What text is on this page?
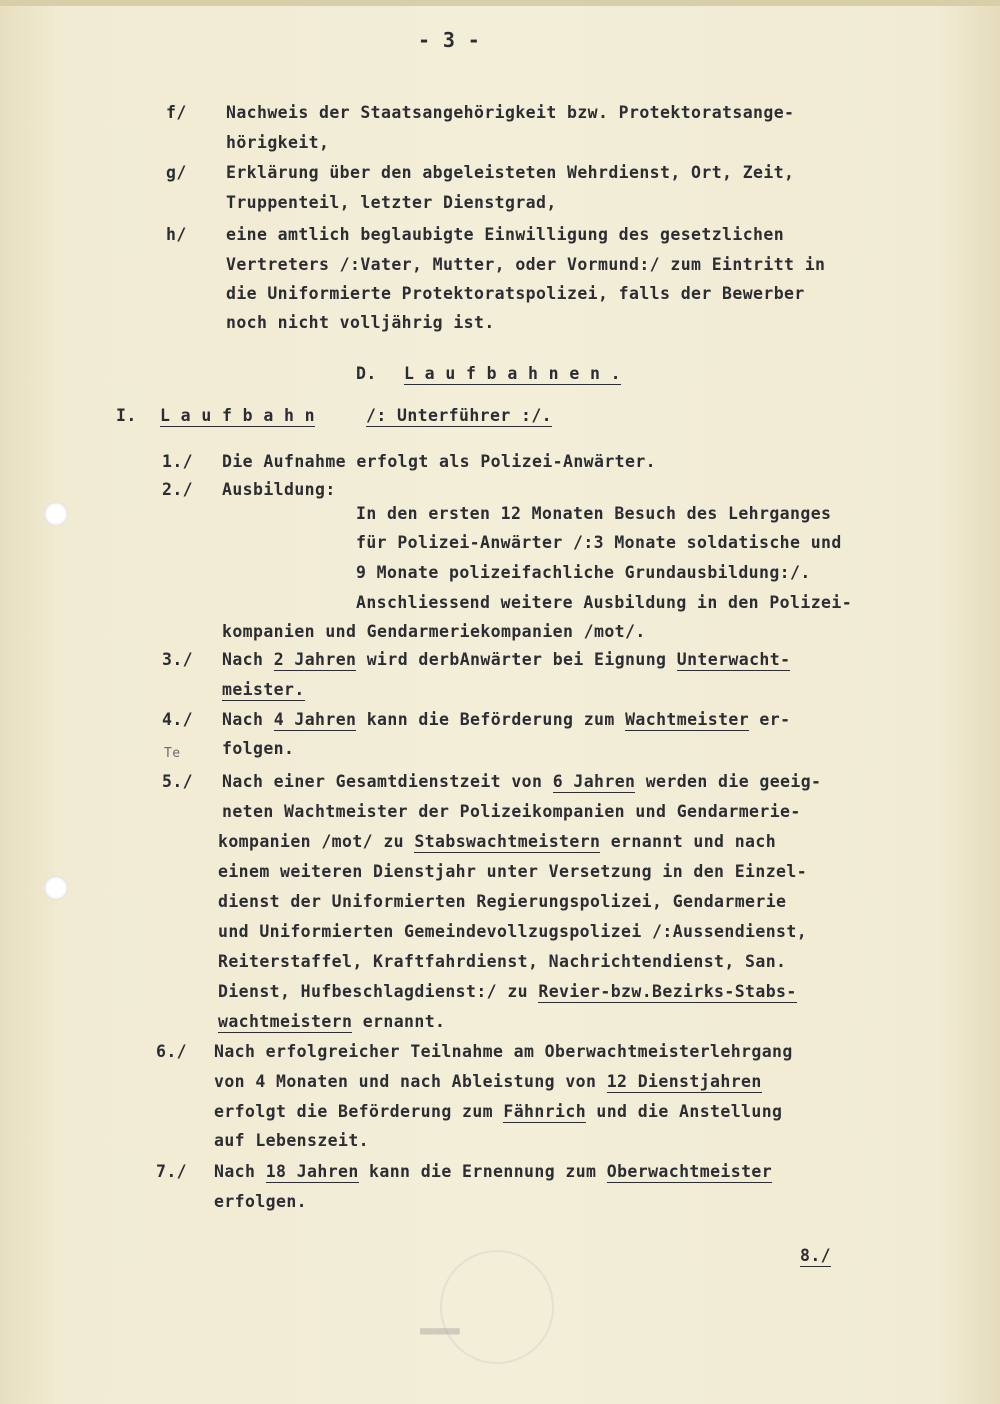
- 3 -
f/ Nachweis der Staatsangehörigkeit bzw. Protektoratsange-
hörigkeit,
g/ Erklärung über den abgeleisteten Wehrdienst, Ort, Zeit,
Truppenteil, letzter Dienstgrad,
h/ eine amtlich beglaubigte Einwilligung des gesetzlichen
Vertreters /:Vater, Mutter, oder Vormund:/ zum Eintritt in
die Uniformierte Protektoratspolizei, falls der Bewerber
noch nicht volljährig ist.
D. L a u f b a h n e n .
I. L a u f b a h n	/: Unterführer :/.
1./ Die Aufnahme erfolgt als Polizei-Anwärter.
2./ Ausbildung:
In den ersten 12 Monaten Besuch des Lehrganges
für Polizei-Anwärter /:3 Monate soldatische und
9 Monate polizeifachliche Grundausbildung:/.
Anschliessend weitere Ausbildung in den Polizei-
kompanien und Gendarmeriekompanien /mot/.
3./ Nach 2 Jahren wird derbAnwärter bei Eignung Unterwacht-
meister.
4./ Nach 4 Jahren kann die Beförderung zum Wachtmeister er-
folgen.
Te
5./ Nach einer Gesamtdienstzeit von 6 Jahren werden die geeig-
neten Wachtmeister der Polizeikompanien und Gendarmerie-
kompanien /mot/ zu Stabswachtmeistern ernannt und nach
einem weiteren Dienstjahr unter Versetzung in den Einzel-
dienst der Uniformierten Regierungspolizei, Gendarmerie
und Uniformierten Gemeindevollzugspolizei /:Aussendienst,
Reiterstaffel, Kraftfahrdienst, Nachrichtendienst, San.
Dienst, Hufbeschlagdienst:/ zu Revier-bzw.Bezirks-Stabs-
wachtmeistern ernannt.
6./ Nach erfolgreicher Teilnahme am Oberwachtmeisterlehrgang
von 4 Monaten und nach Ableistung von 12 Dienstjahren
erfolgt die Beförderung zum Fähnrich und die Anstellung
auf Lebenszeit.
7./ Nach 18 Jahren kann die Ernennung zum Oberwachtmeister
erfolgen.
8./
▬▬▬
